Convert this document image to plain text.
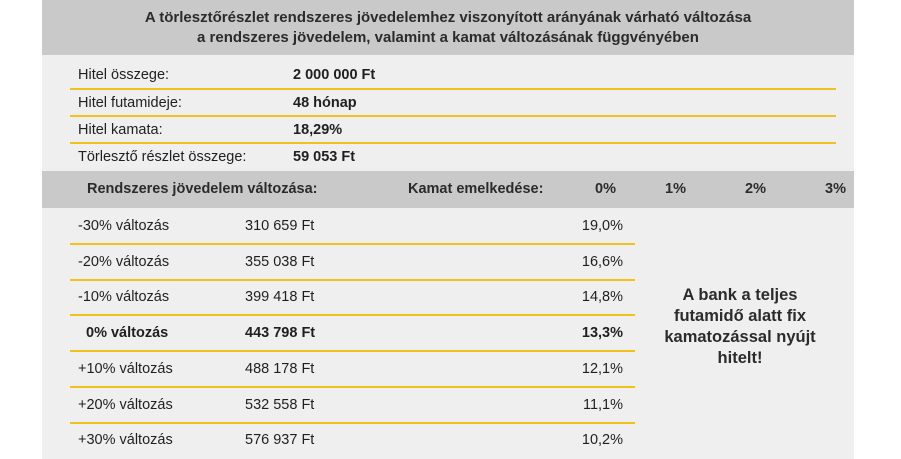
A törlesztőrészlet rendszeres jövedelemhez viszonyított arányának várható változása
a rendszeres jövedelem, valamint a kamat változásának függvényében
Hitel összege:	2 000 000 Ft
Hitel futamideje:	48 hónap
Hitel kamata:	18,29%
Törlesztő részlet összege:	59 053 Ft
Rendszeres jövedelem változása:	Kamat emelkedése:	0%	1%	2%	3%
-30% változás	310 659 Ft	19,0%
-20% változás	355 038 Ft	16,6%
-10% változás	399 418 Ft	14,8%
0% változás	443 798 Ft	13,3%
+10% változás	488 178 Ft	12,1%
+20% változás	532 558 Ft	11,1%
+30% változás	576 937 Ft	10,2%
A bank a teljes futamidő alatt fix kamatozással nyújt hitelt!
